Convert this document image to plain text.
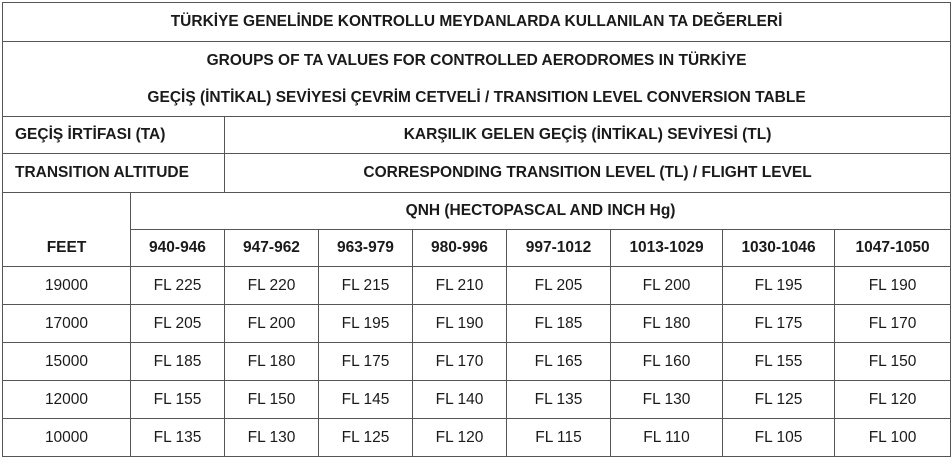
TÜRKİYE GENELİNDE KONTROLLU MEYDANLARDA KULLANILAN TA DEĞERLERİ								
GROUPS OF TA VALUES FOR CONTROLLED AERODROMES IN TÜRKİYE								
GEÇİŞ (İNTİKAL) SEVİYESİ ÇEVRİM CETVELİ / TRANSITION LEVEL CONVERSION TABLE								
GEÇİŞ İRTİFASI (TA)		KARŞILIK GELEN GEÇİŞ (İNTİKAL) SEVİYESİ (TL)						
TRANSITION ALTITUDE		CORRESPONDING TRANSITION LEVEL (TL) / FLIGHT LEVEL						
	QNH (HECTOPASCAL AND INCH Hg)							
FEET	940-946	947-962	963-979	980-996	997-1012	1013-1029	1030-1046	1047-1050
19000	FL 225	FL 220	FL 215	FL 210	FL 205	FL 200	FL 195	FL 190
17000	FL 205	FL 200	FL 195	FL 190	FL 185	FL 180	FL 175	FL 170
15000	FL 185	FL 180	FL 175	FL 170	FL 165	FL 160	FL 155	FL 150
12000	FL 155	FL 150	FL 145	FL 140	FL 135	FL 130	FL 125	FL 120
10000	FL 135	FL 130	FL 125	FL 120	FL 115	FL 110	FL 105	FL 100
